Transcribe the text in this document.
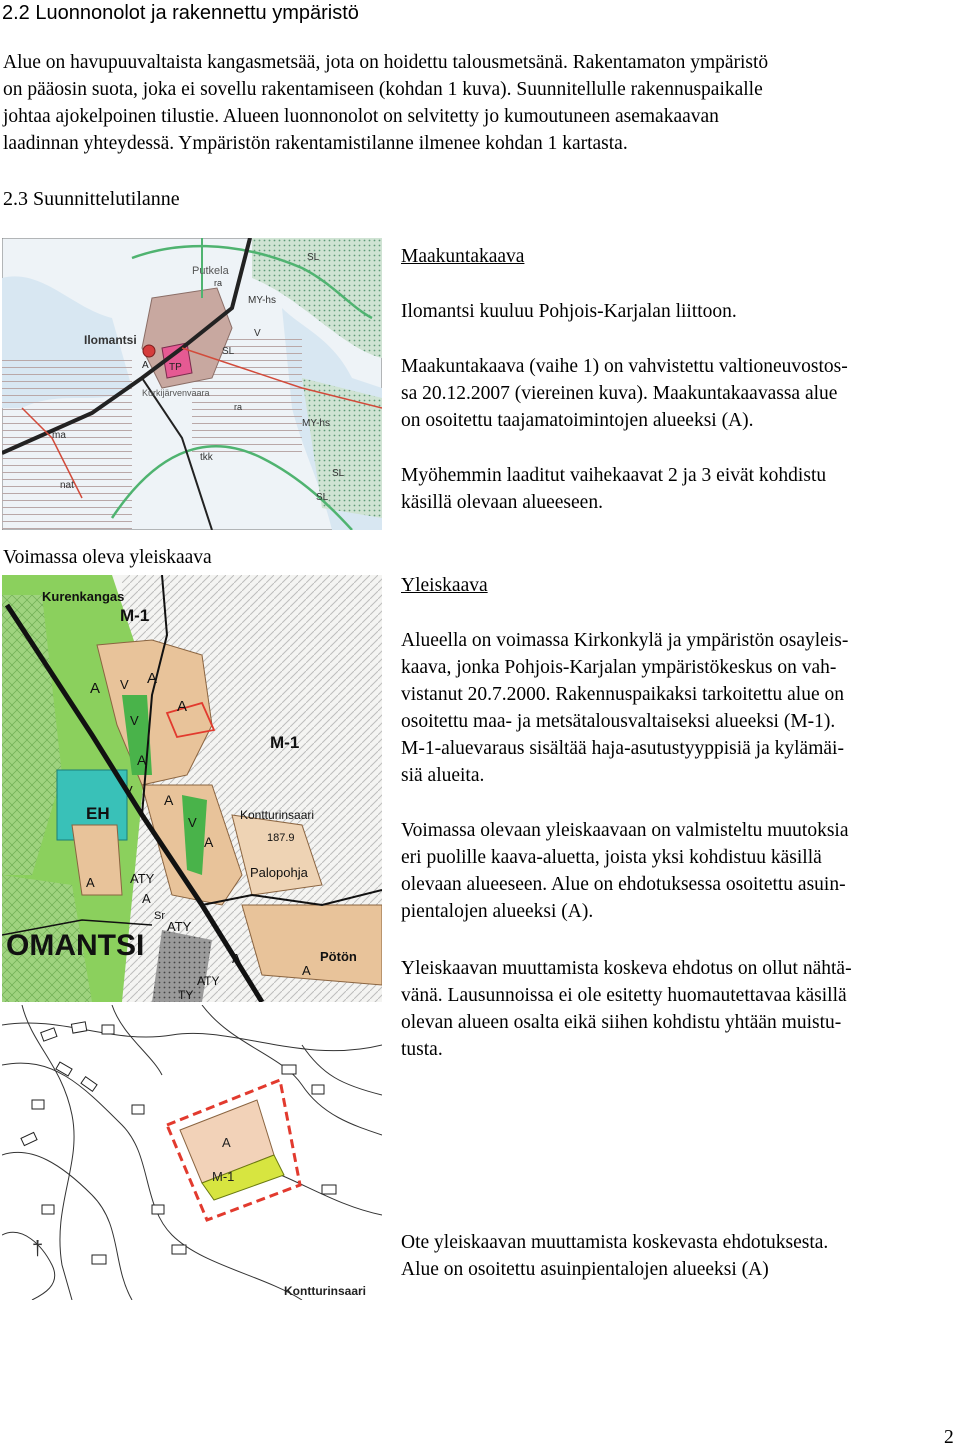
2.2 Luonnonolot ja rakennettu ympäristö
Alue on havupuuvaltaista kangasmetsää, jota on hoidettu talousmetsänä. Rakentamaton ympäristö
on pääosin suota, joka ei sovellu rakentamiseen (kohdan 1 kuva). Suunnitellulle rakennuspaikalle
johtaa ajokelpoinen tilustie. Alueen luonnonolot on selvitetty jo kumoutuneen asemakaavan
laadinnan yhteydessä. Ympäristön rakentamistilanne ilmenee kohdan 1 kartasta.
2.3 Suunnittelutilanne
Ilomantsi
Putkela
ra
MY-hs
SL
V
TP
A
SL
ra
MY-hs
ma
tkk
SL
nat
SL
Kurkijärvenvaara
Maakuntakaava
Ilomantsi kuuluu Pohjois-Karjalan liittoon.
Maakuntakaava (vaihe 1) on vahvistettu valtioneuvostos-
sa 20.12.2007 (viereinen kuva). Maakuntakaavassa alue
on osoitettu taajamatoimintojen alueeksi (A).
Myöhemmin laaditut vaihekaavat 2 ja 3 eivät kohdistu
käsillä olevaan alueeseen.
Voimassa oleva yleiskaava
Kurenkangas
M-1
M-1
EH
A
A
A
V
V
A
V
A
A
V	Kontturinsaari
187.9
Palopohja
ATY
A
Sr
ATY
A
A
A
OMANTSI	Pötön
TY
ATY
Yleiskaava
Alueella on voimassa Kirkonkylä ja ympäristön osayleis-
kaava, jonka Pohjois-Karjalan ympäristökeskus on vah-
vistanut 20.7.2000. Rakennuspaikaksi tarkoitettu alue on
osoitettu maa- ja metsätalousvaltaiseksi alueeksi (M-1).
M-1-aluevaraus sisältää haja-asutustyyppisiä ja kylämäi-
siä alueita.
Voimassa olevaan yleiskaavaan on valmisteltu muutoksia
eri puolille kaava-aluetta, joista yksi kohdistuu käsillä
olevaan alueeseen. Alue on ehdotuksessa osoitettu asuin-
pientalojen alueeksi (A).
Yleiskaavan muuttamista koskeva ehdotus on ollut nähtä-
vänä. Lausunnoissa ei ole esitetty huomautettavaa käsillä
olevan alueen osalta eikä siihen kohdistu yhtään muistu-
tusta.
A
M-1
Kontturinsaari
†	Ote yleiskaavan muuttamista koskevasta ehdotuksesta.
Alue on osoitettu asuinpientalojen alueeksi (A)
2
